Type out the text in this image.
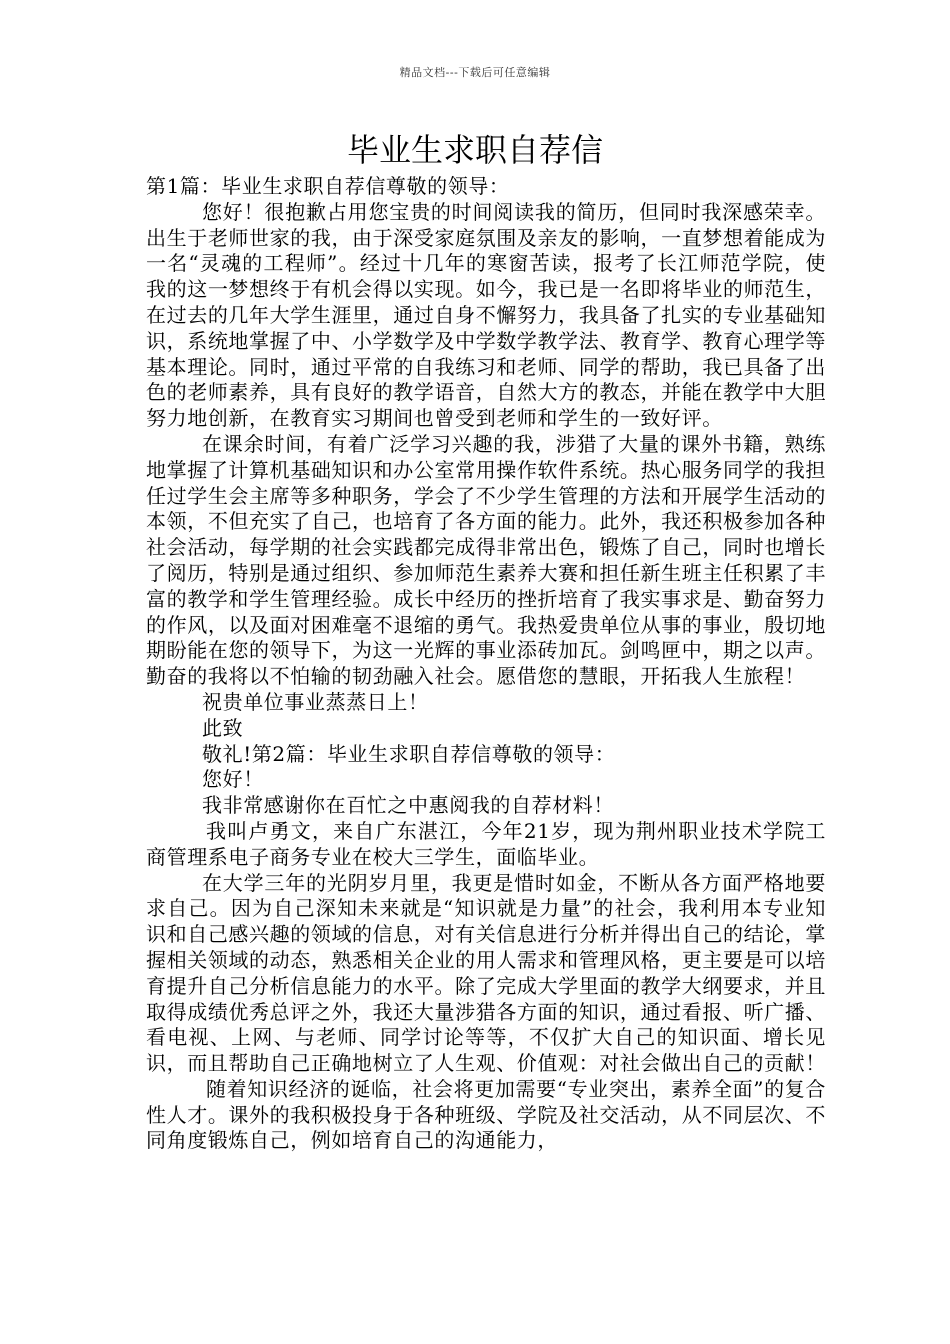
精品文档---下载后可任意编辑
毕业生求职自荐信

第1篇：毕业生求职自荐信尊敬的领导：

您好！很抱歉占用您宝贵的时间阅读我的简历，但同时我深感荣幸。出生于老师世家的我，由于深受家庭氛围及亲友的影响，一直梦想着能成为一名“灵魂的工程师”。经过十几年的寒窗苦读，报考了长江师范学院，使我的这一梦想终于有机会得以实现。如今，我已是一名即将毕业的师范生，在过去的几年大学生涯里，通过自身不懈努力，我具备了扎实的专业基础知识，系统地掌握了中、小学数学及中学数学教学法、教育学、教育心理学等基本理论。同时，通过平常的自我练习和老师、同学的帮助，我已具备了出色的老师素养，具有良好的教学语音，自然大方的教态，并能在教学中大胆努力地创新，在教育实习期间也曾受到老师和学生的一致好评。

在课余时间，有着广泛学习兴趣的我，涉猎了大量的课外书籍，熟练地掌握了计算机基础知识和办公室常用操作软件系统。热心服务同学的我担任过学生会主席等多种职务，学会了不少学生管理的方法和开展学生活动的本领，不但充实了自己，也培育了各方面的能力。此外，我还积极参加各种社会活动，每学期的社会实践都完成得非常出色，锻炼了自己，同时也增长了阅历，特别是通过组织、参加师范生素养大赛和担任新生班主任积累了丰富的教学和学生管理经验。成长中经历的挫折培育了我实事求是、勤奋努力的作风，以及面对困难毫不退缩的勇气。我热爱贵单位从事的事业，殷切地期盼能在您的领导下，为这一光辉的事业添砖加瓦。剑鸣匣中，期之以声。勤奋的我将以不怕输的韧劲融入社会。愿借您的慧眼，开拓我人生旅程！

祝贵单位事业蒸蒸日上！

此致

敬礼!第2篇：毕业生求职自荐信尊敬的领导：

您好！

我非常感谢你在百忙之中惠阅我的自荐材料！

我叫卢勇文，来自广东湛江，今年21岁，现为荆州职业技术学院工商管理系电子商务专业在校大三学生，面临毕业。

在大学三年的光阴岁月里，我更是惜时如金，不断从各方面严格地要求自己。因为自己深知未来就是“知识就是力量”的社会，我利用本专业知识和自己感兴趣的领域的信息，对有关信息进行分析并得出自己的结论，掌握相关领域的动态，熟悉相关企业的用人需求和管理风格，更主要是可以培育提升自己分析信息能力的水平。除了完成大学里面的教学大纲要求，并且取得成绩优秀总评之外，我还大量涉猎各方面的知识，通过看报、听广播、看电视、上网、与老师、同学讨论等等，不仅扩大自己的知识面、增长见识，而且帮助自己正确地树立了人生观、价值观：对社会做出自己的贡献！

随着知识经济的诞临，社会将更加需要“专业突出，素养全面”的复合性人才。课外的我积极投身于各种班级、学院及社交活动，从不同层次、不同角度锻炼自己，例如培育自己的沟通能力，
